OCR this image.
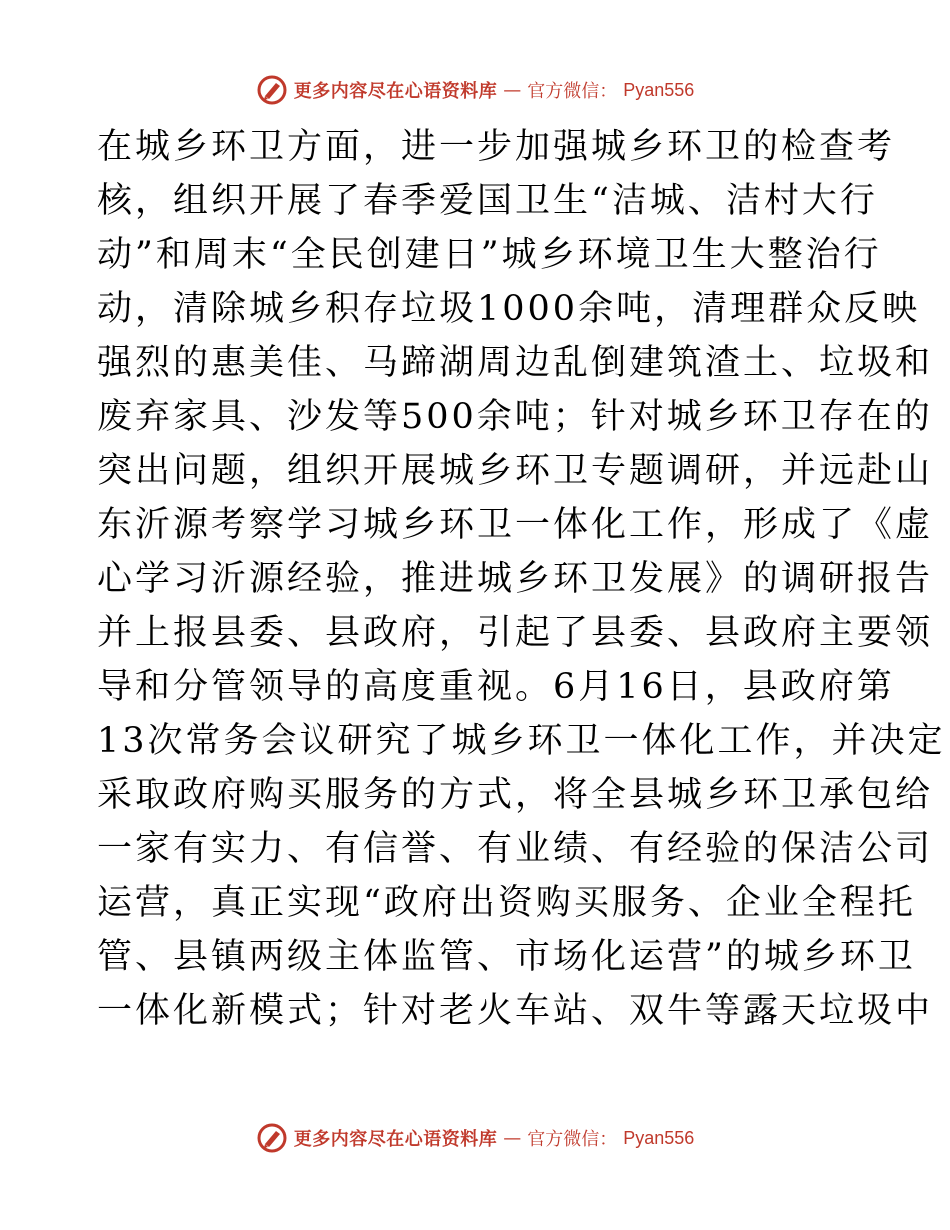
更多内容尽在心语资料库 — 官方微信： Pyan556
在城乡环卫方面，进一步加强城乡环卫的检查考
核，组织开展了春季爱国卫生“洁城、洁村大行
动”和周末“全民创建日”城乡环境卫生大整治行
动，清除城乡积存垃圾1000余吨，清理群众反映
强烈的惠美佳、马蹄湖周边乱倒建筑渣土、垃圾和
废弃家具、沙发等500余吨；针对城乡环卫存在的
突出问题，组织开展城乡环卫专题调研，并远赴山
东沂源考察学习城乡环卫一体化工作，形成了《虚
心学习沂源经验，推进城乡环卫发展》的调研报告
并上报县委、县政府，引起了县委、县政府主要领
导和分管领导的高度重视。6月16日，县政府第
13次常务会议研究了城乡环卫一体化工作，并决定
采取政府购买服务的方式，将全县城乡环卫承包给
一家有实力、有信誉、有业绩、有经验的保洁公司
运营，真正实现“政府出资购买服务、企业全程托
管、县镇两级主体监管、市场化运营”的城乡环卫
一体化新模式；针对老火车站、双牛等露天垃圾中
更多内容尽在心语资料库 — 官方微信： Pyan556
